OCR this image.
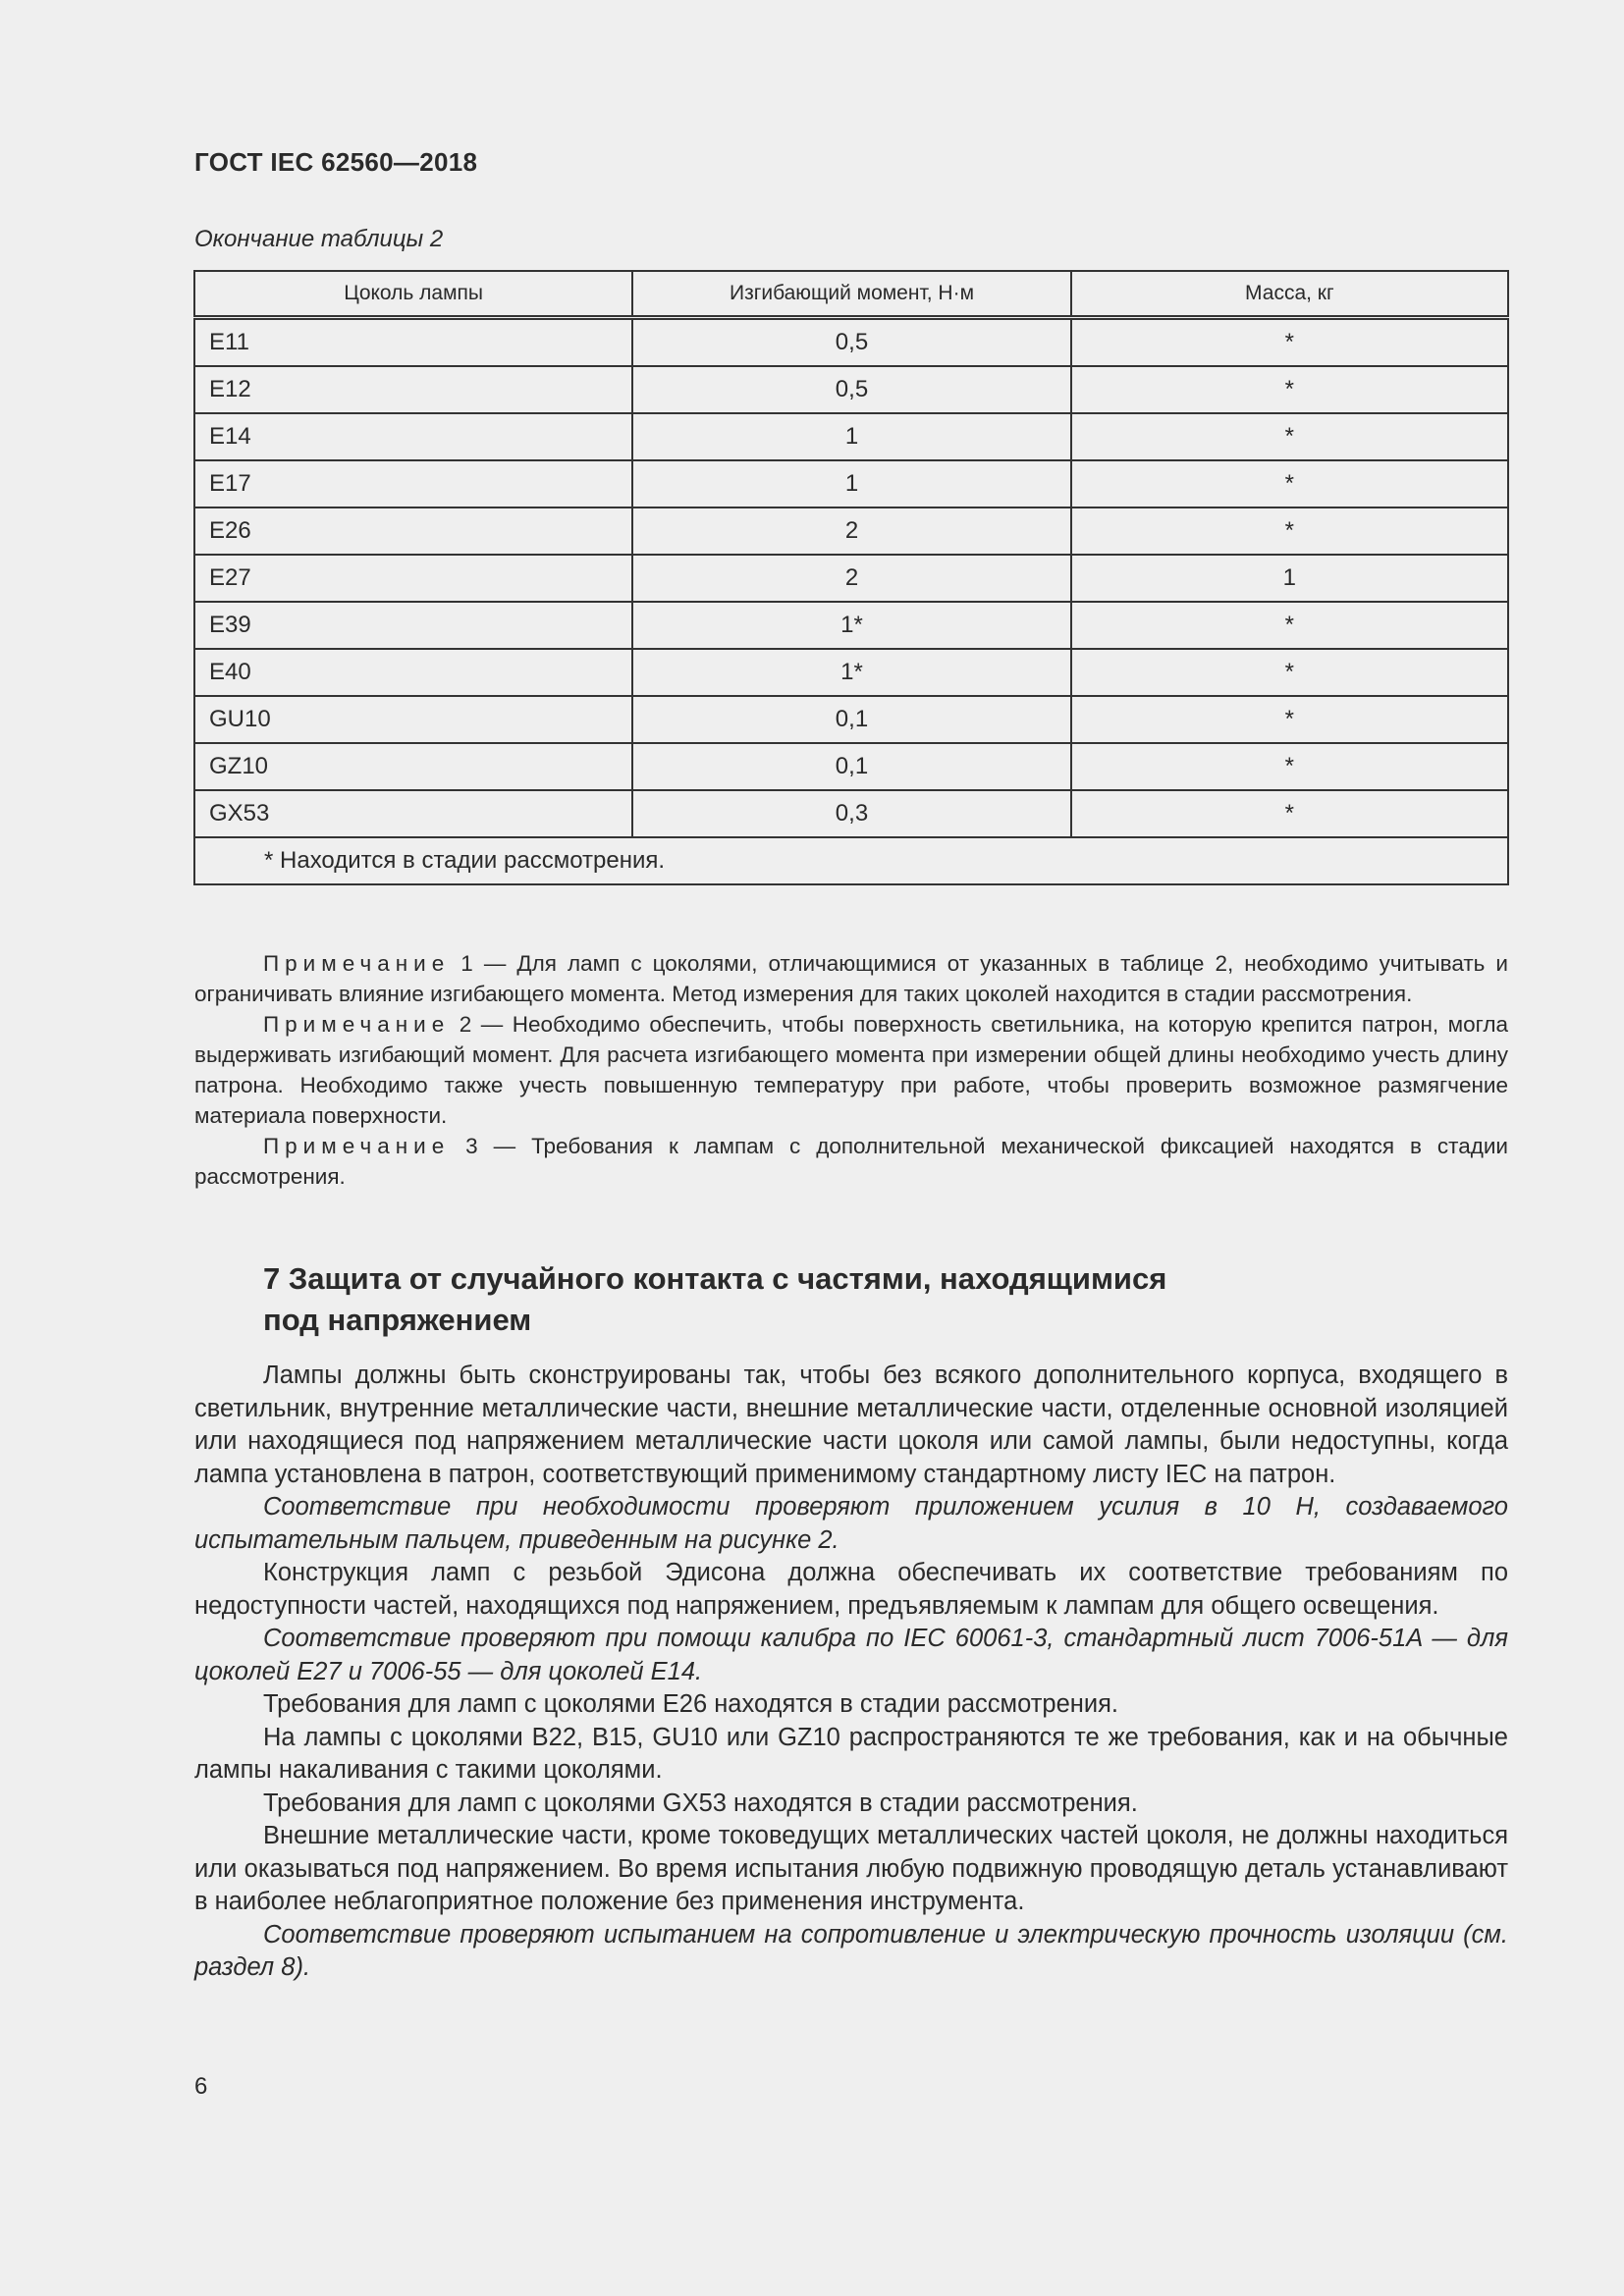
ГОСТ IEC 62560—2018
Окончание таблицы 2
Цоколь лампы	Изгибающий момент, Н·м	Масса, кг
E11	0,5	*
E12	0,5	*
E14	1	*
E17	1	*
E26	2	*
E27	2	1
E39	1*	*
E40	1*	*
GU10	0,1	*
GZ10	0,1	*
GX53	0,3	*
* Находится в стадии рассмотрения.		

Примечание 1 — Для ламп с цоколями, отличающимися от указанных в таблице 2, необходимо учитывать и ограничивать влияние изгибающего момента. Метод измерения для таких цоколей находится в стадии рассмотрения.

Примечание 2 — Необходимо обеспечить, чтобы поверхность светильника, на которую крепится патрон, могла выдерживать изгибающий момент. Для расчета изгибающего момента при измерении общей длины необходимо учесть длину патрона. Необходимо также учесть повышенную температуру при работе, чтобы проверить возможное размягчение материала поверхности.

Примечание 3 — Требования к лампам с дополнительной механической фиксацией находятся в стадии рассмотрения.

7 Защита от случайного контакта с частями, находящимися
под напряжением

Лампы должны быть сконструированы так, чтобы без всякого дополнительного корпуса, входящего в светильник, внутренние металлические части, внешние металлические части, отделенные основной изоляцией или находящиеся под напряжением металлические части цоколя или самой лампы, были недоступны, когда лампа установлена в патрон, соответствующий применимому стандартному листу IEC на патрон.

Соответствие при необходимости проверяют приложением усилия в 10 Н, создаваемого испытательным пальцем, приведенным на рисунке 2.

Конструкция ламп с резьбой Эдисона должна обеспечивать их соответствие требованиям по недоступности частей, находящихся под напряжением, предъявляемым к лампам для общего освещения.

Соответствие проверяют при помощи калибра по IEC 60061-3, стандартный лист 7006-51A — для цоколей E27 и 7006-55 — для цоколей E14.

Требования для ламп с цоколями E26 находятся в стадии рассмотрения.

На лампы с цоколями B22, B15, GU10 или GZ10 распространяются те же требования, как и на обычные лампы накаливания с такими цоколями.

Требования для ламп с цоколями GX53 находятся в стадии рассмотрения.

Внешние металлические части, кроме токоведущих металлических частей цоколя, не должны находиться или оказываться под напряжением. Во время испытания любую подвижную проводящую деталь устанавливают в наиболее неблагоприятное положение без применения инструмента.

Соответствие проверяют испытанием на сопротивление и электрическую прочность изоляции (см. раздел 8).

6
